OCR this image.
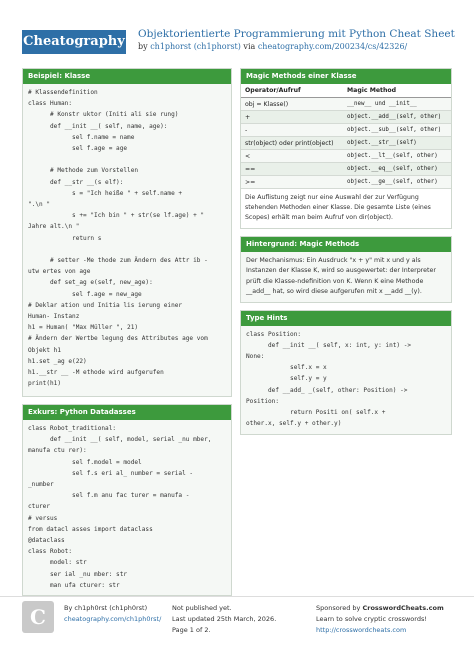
Cheatography Objektorientierte Programmierung mit Python Cheat Sheet
by ch1phorst (ch1phorst) via cheatography.com/200234/cs/42326/
Beispiel: Klasse
# Klassendefinition
class Human:
# Konstr uktor (Initi ali sie rung)
def __init __( self, name, age):
sel f.name = name
sel f.age = age

# Methode zum Vorstellen
def __str __(s elf):
s = "Ich heiße " + self.name +
".\n "
s += "Ich bin " + str(se lf.age) + "
Jahre alt.\n "
return s

# setter -Me thode zum Ändern des Attr ib -
utw ertes von age
def set_ag e(self, new_age):
sel f.age = new_age
# Deklar ation und Initia lis ierung einer
Human- Instanz
h1 = Human( "Max Müller ", 21)
# Ändern der Wertbe legung des Attributes age vom
Objekt h1
h1.set _ag e(22)
h1.__str __ -M ethode wird aufgerufen
print(h1)
Exkurs: Python Datadasses
class Robot_traditional:
def __init __( self, model, serial _nu mber,
manufa ctu rer):
sel f.model = model
sel f.s eri al_ number = serial -
_number
sel f.m anu fac turer = manufa -
cturer
# versus
from datacl asses import dataclass
@dataclass
class Robot:
model: str
ser ial _nu mber: str
man ufa cturer: str
Magic Methods einer Klasse
Operator/Aufruf	Magic Method
obj = Klasse()	__new__ und __init__
+	object.__add__(self, other)
-	object.__sub__(self, other)
str(object) oder print(object)	object.__str__(self)
<	object.__lt__(self, other)
==	object.__eq__(self, other)
>=	object.__ge__(self, other)
Die Auflistung zeigt nur eine Auswahl der zur Verfügung stehenden Methoden einer Klasse. Die gesamte Liste (eines Scopes) erhält man beim Aufruf von dir(object).
Hintergrund: Magic Methods
Der Mechanismus: Ein Ausdruck "x + y" mit x und y als Instanzen der Klasse K, wird so ausgewertet: der Interpreter prüft die Klasse-ndefinition von K. Wenn K eine Methode __add__ hat, so wird diese aufgerufen mit x __add __(y).
Type Hints
class Position:
def __init __( self, x: int, y: int) ->
None:
self.x = x
self.y = y
def __add_ _(self, other: Position) ->
Position:
return Positi on( self.x +
other.x, self.y + other.y)
C	By ch1ph0rst (ch1ph0rst)
cheatography.com/ch1ph0rst/
Not published yet.
Last updated 25th March, 2026.
Page 1 of 2.
Sponsored by CrosswordCheats.com
Learn to solve cryptic crosswords!
http://crosswordcheats.com
